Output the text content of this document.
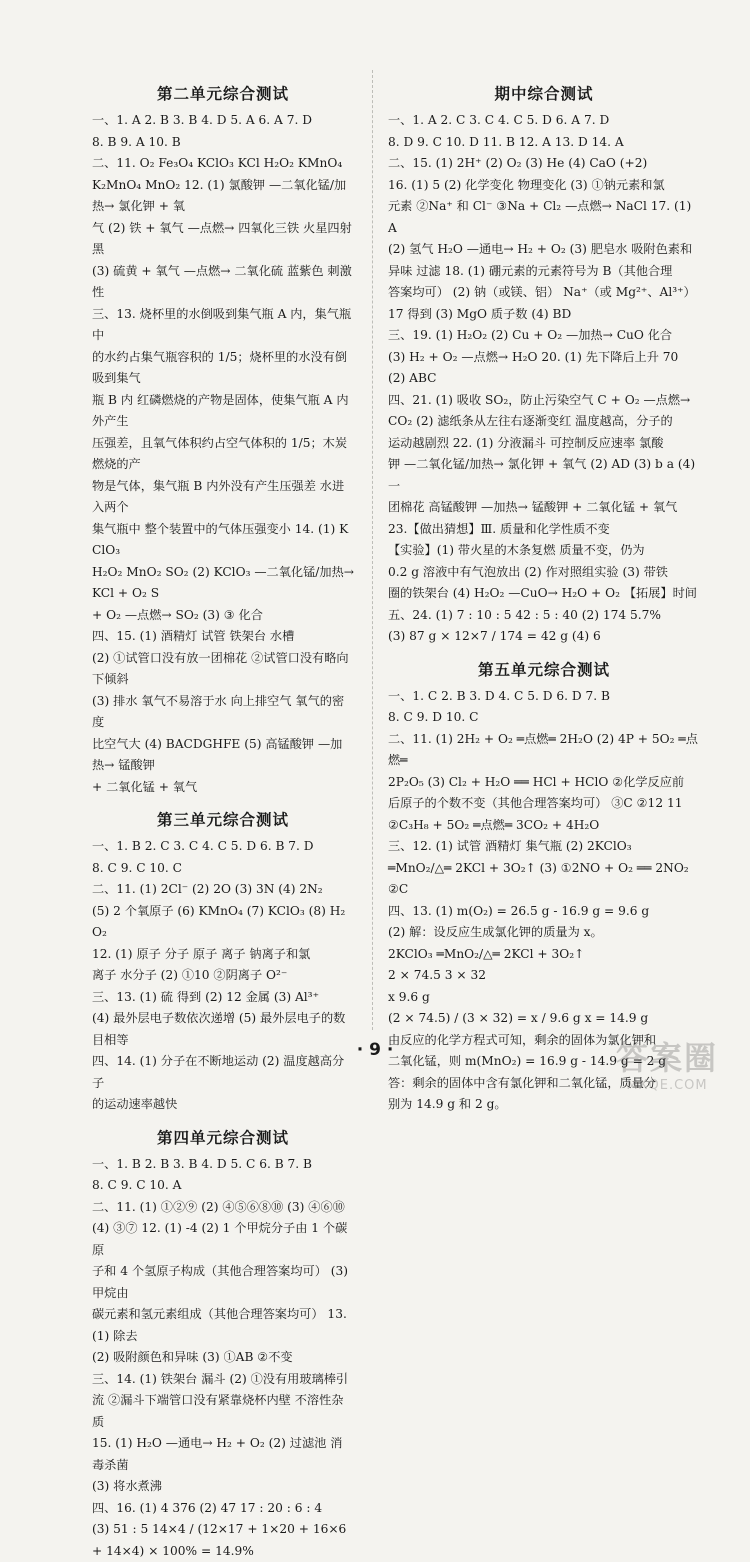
第二单元综合测试
一、1. A 2. B 3. B 4. D 5. A 6. A 7. D
8. B 9. A 10. B
二、11. O₂ Fe₃O₄ KClO₃ KCl H₂O₂ KMnO₄
K₂MnO₄ MnO₂ 12. (1) 氯酸钾 —二氧化锰/加热→ 氯化钾 + 氧
气 (2) 铁 + 氧气 —点燃→ 四氧化三铁 火星四射 黑
(3) 硫黄 + 氧气 —点燃→ 二氧化硫 蓝紫色 刺激性
三、13. 烧杯里的水倒吸到集气瓶 A 内，集气瓶中
的水约占集气瓶容积的 1/5；烧杯里的水没有倒吸到集气
瓶 B 内 红磷燃烧的产物是固体，使集气瓶 A 内外产生
压强差，且氧气体积约占空气体积的 1/5；木炭燃烧的产
物是气体，集气瓶 B 内外没有产生压强差 水进入两个
集气瓶中 整个装置中的气体压强变小 14. (1) KClO₃
H₂O₂ MnO₂ SO₂ (2) KClO₃ —二氧化锰/加热→ KCl + O₂ S
+ O₂ —点燃→ SO₂ (3) ③ 化合
四、15. (1) 酒精灯 试管 铁架台 水槽
(2) ①试管口没有放一团棉花 ②试管口没有略向下倾斜
(3) 排水 氧气不易溶于水 向上排空气 氧气的密度
比空气大 (4) BACDGHFE (5) 高锰酸钾 —加热→ 锰酸钾
+ 二氧化锰 + 氧气
第三单元综合测试
一、1. B 2. C 3. C 4. C 5. D 6. B 7. D
8. C 9. C 10. C
二、11. (1) 2Cl⁻ (2) 2O (3) 3N (4) 2N₂
(5) 2 个氧原子 (6) KMnO₄ (7) KClO₃ (8) H₂O₂
12. (1) 原子 分子 原子 离子 钠离子和氯
离子 水分子 (2) ①10 ②阴离子 O²⁻
三、13. (1) 硫 得到 (2) 12 金属 (3) Al³⁺
(4) 最外层电子数依次递增 (5) 最外层电子的数目相等
四、14. (1) 分子在不断地运动 (2) 温度越高分子
的运动速率越快
第四单元综合测试
一、1. B 2. B 3. B 4. D 5. C 6. B 7. B
8. C 9. C 10. A
二、11. (1) ①②⑨ (2) ④⑤⑥⑧⑩ (3) ④⑥⑩
(4) ③⑦ 12. (1) -4 (2) 1 个甲烷分子由 1 个碳原
子和 4 个氢原子构成（其他合理答案均可） (3) 甲烷由
碳元素和氢元素组成（其他合理答案均可） 13. (1) 除去
(2) 吸附颜色和异味 (3) ①AB ②不变
三、14. (1) 铁架台 漏斗 (2) ①没有用玻璃棒引
流 ②漏斗下端管口没有紧靠烧杯内壁 不溶性杂质
15. (1) H₂O —通电→ H₂ + O₂ (2) 过滤池 消毒杀菌
(3) 将水煮沸
四、16. (1) 4 376 (2) 47 17 : 20 : 6 : 4
(3) 51 : 5 14×4 / (12×17 + 1×20 + 16×6 + 14×4) × 100% = 14.9%
期中综合测试
一、1. A 2. C 3. C 4. C 5. D 6. A 7. D
8. D 9. C 10. D 11. B 12. A 13. D 14. A
二、15. (1) 2H⁺ (2) O₂ (3) He (4) CaO (+2)
16. (1) 5 (2) 化学变化 物理变化 (3) ①钠元素和氯
元素 ②Na⁺ 和 Cl⁻ ③Na + Cl₂ —点燃→ NaCl 17. (1) A
(2) 氢气 H₂O —通电→ H₂ + O₂ (3) 肥皂水 吸附色素和
异味 过滤 18. (1) 硼元素的元素符号为 B（其他合理
答案均可） (2) 钠（或镁、铝） Na⁺（或 Mg²⁺、Al³⁺）
17 得到 (3) MgO 质子数 (4) BD
三、19. (1) H₂O₂ (2) Cu + O₂ —加热→ CuO 化合
(3) H₂ + O₂ —点燃→ H₂O 20. (1) 先下降后上升 70
(2) ABC
四、21. (1) 吸收 SO₂，防止污染空气 C + O₂ —点燃→
CO₂ (2) 滤纸条从左往右逐渐变红 温度越高，分子的
运动越剧烈 22. (1) 分液漏斗 可控制反应速率 氯酸
钾 —二氧化锰/加热→ 氯化钾 + 氧气 (2) AD (3) b a (4) 一
团棉花 高锰酸钾 —加热→ 锰酸钾 + 二氧化锰 + 氧气
23.【做出猜想】Ⅲ. 质量和化学性质不变
【实验】(1) 带火星的木条复燃 质量不变，仍为
0.2 g 溶液中有气泡放出 (2) 作对照组实验 (3) 带铁
圈的铁架台 (4) H₂O₂ —CuO→ H₂O + O₂ 【拓展】时间
五、24. (1) 7 : 10 : 5 42 : 5 : 40 (2) 174 5.7%
(3) 87 g × 12×7 / 174 = 42 g (4) 6
第五单元综合测试
一、1. C 2. B 3. D 4. C 5. D 6. D 7. B
8. C 9. D 10. C
二、11. (1) 2H₂ + O₂ ═点燃═ 2H₂O (2) 4P + 5O₂ ═点燃═
2P₂O₅ (3) Cl₂ + H₂O ══ HCl + HClO ②化学反应前
后原子的个数不变（其他合理答案均可） ③C ②12 11
②C₃H₈ + 5O₂ ═点燃═ 3CO₂ + 4H₂O
三、12. (1) 试管 酒精灯 集气瓶 (2) 2KClO₃
═MnO₂/△═ 2KCl + 3O₂↑ (3) ①2NO + O₂ ══ 2NO₂ ②C
四、13. (1) m(O₂) = 26.5 g - 16.9 g = 9.6 g
(2) 解：设反应生成氯化钾的质量为 x。
2KClO₃ ═MnO₂/△═ 2KCl + 3O₂↑
2 × 74.5 3 × 32
x 9.6 g
(2 × 74.5) / (3 × 32) = x / 9.6 g x = 14.9 g
由反应的化学方程式可知，剩余的固体为氯化钾和
二氧化锰，则 m(MnO₂) = 16.9 g - 14.9 g = 2 g
答：剩余的固体中含有氯化钾和二氧化锰，质量分
别为 14.9 g 和 2 g。
· 9 ·	答案圈
MXQE.COM
